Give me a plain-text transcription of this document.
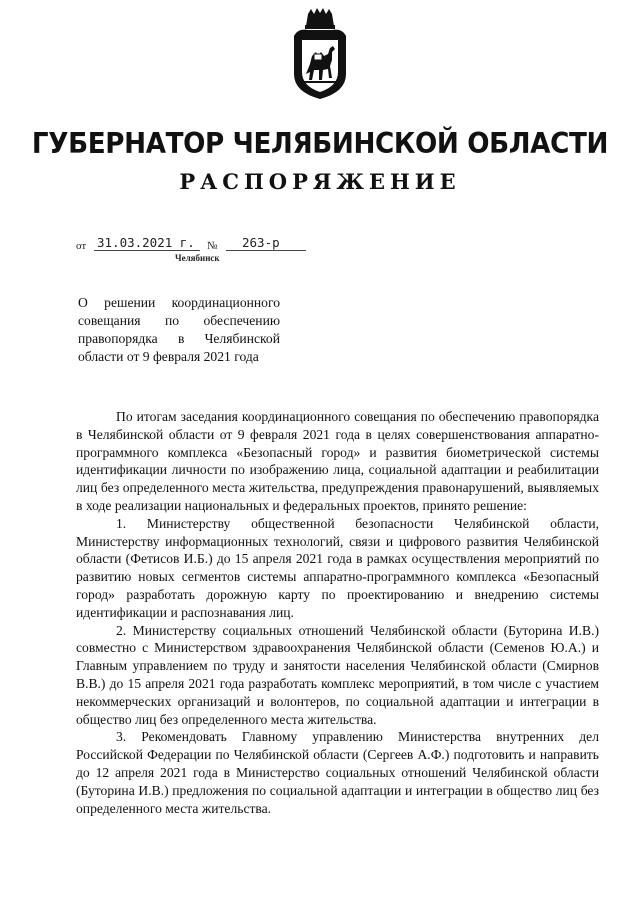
ГУБЕРНАТОР ЧЕЛЯБИНСКОЙ ОБЛАСТИ
РАСПОРЯЖЕНИЕ
от 31.03.2021 г. № 263-р
Челябинск
О решении координационного совещания по обеспечению правопорядка в Челябинской области от 9 февраля 2021 года

По итогам заседания координационного совещания по обеспечению правопорядка в Челябинской области от 9 февраля 2021 года в целях совершенствования аппаратно-программного комплекса «Безопасный город» и развития биометрической системы идентификации личности по изображению лица, социальной адаптации и реабилитации лиц без определенного места жительства, предупреждения правонарушений, выявляемых в ходе реализации национальных и федеральных проектов, принято решение:

1. Министерству общественной безопасности Челябинской области, Министерству информационных технологий, связи и цифрового развития Челябинской области (Фетисов И.Б.) до 15 апреля 2021 года в рамках осуществления мероприятий по развитию новых сегментов системы аппаратно-программного комплекса «Безопасный город» разработать дорожную карту по проектированию и внедрению системы идентификации и распознавания лиц.

2. Министерству социальных отношений Челябинской области (Буторина И.В.) совместно с Министерством здравоохранения Челябинской области (Семенов Ю.А.) и Главным управлением по труду и занятости населения Челябинской области (Смирнов В.В.) до 15 апреля 2021 года разработать комплекс мероприятий, в том числе с участием некоммерческих организаций и волонтеров, по социальной адаптации и интеграции в общество лиц без определенного места жительства.

3. Рекомендовать Главному управлению Министерства внутренних дел Российской Федерации по Челябинской области (Сергеев А.Ф.) подготовить и направить до 12 апреля 2021 года в Министерство социальных отношений Челябинской области (Буторина И.В.) предложения по социальной адаптации и интеграции в общество лиц без определенного места жительства.
